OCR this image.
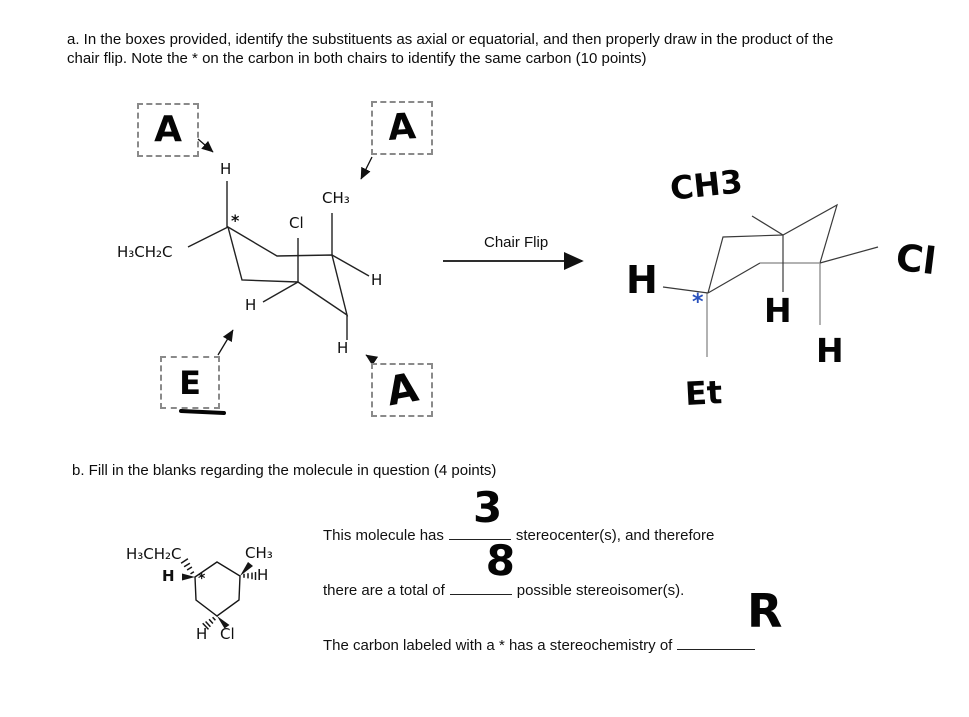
a. In the boxes provided, identify the substituents as axial or equatorial, and then properly draw in the product of the
chair flip. Note the * on the carbon in both chairs to identify the same carbon (10 points)
H
*
CH₃
Cl
H₃CH₂C
H
H
H
A	A
E	A
Chair Flip
CH3
H
* H
H
Cl
Et
b. Fill in the blanks regarding the molecule in question (4 points)
H₃CH₂C	CH₃
H	H
H Cl
*
This molecule has	stereocenter(s), and therefore
there are a total of	possible stereoisomer(s).
The carbon labeled with a * has a stereochemistry of
3
8
R
